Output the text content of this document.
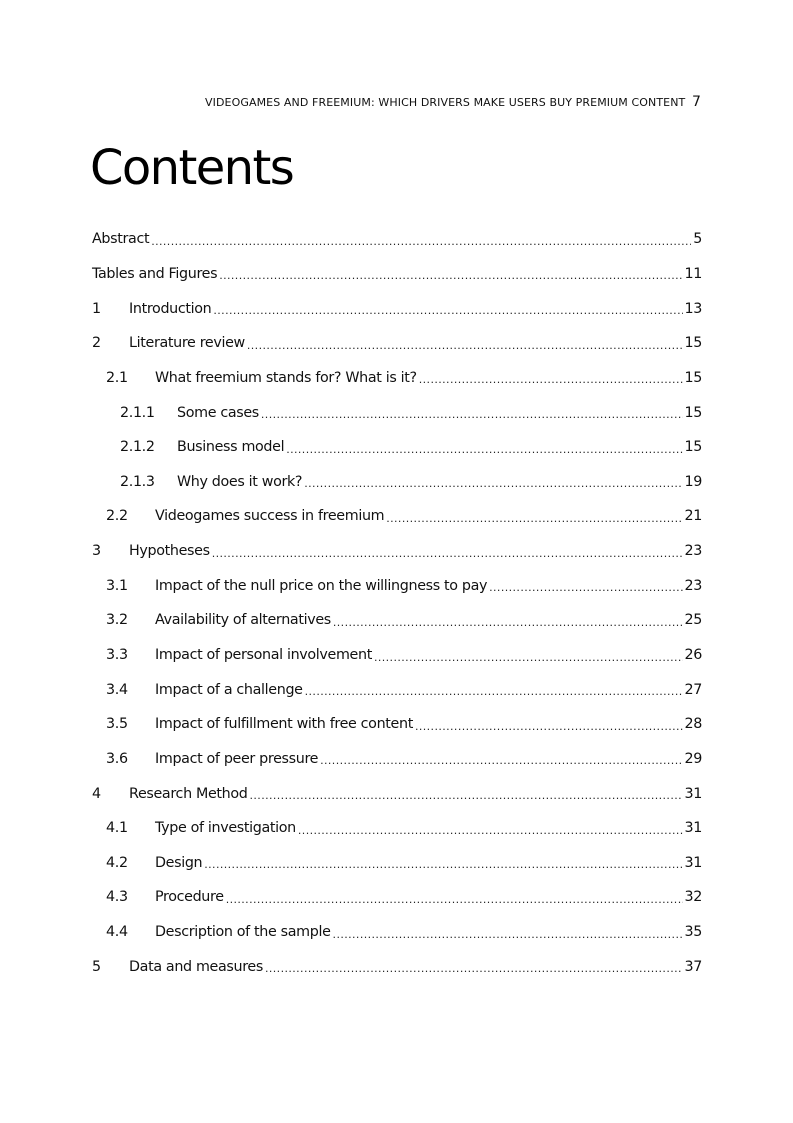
VIDEOGAMES AND FREEMIUM: WHICH DRIVERS MAKE USERS BUY PREMIUM CONTENT 7
Contents
Abstract .....	5
Tables and Figures .....	11
1	Introduction .....	13
2	Literature review .....	15
2.1	What freemium stands for? What is it? .....	15
2.1.1	Some cases .....	15
2.1.2	Business model .....	15
2.1.3	Why does it work? .....	19
2.2	Videogames success in freemium .....	21
3	Hypotheses .....	23
3.1	Impact of the null price on the willingness to pay .....	23
3.2	Availability of alternatives .....	25
3.3	Impact of personal involvement .....	26
3.4	Impact of a challenge .....	27
3.5	Impact of fulfillment with free content .....	28
3.6	Impact of peer pressure .....	29
4	Research Method .....	31
4.1	Type of investigation .....	31
4.2	Design .....	31
4.3	Procedure .....	32
4.4	Description of the sample .....	35
5	Data and measures .....	37
